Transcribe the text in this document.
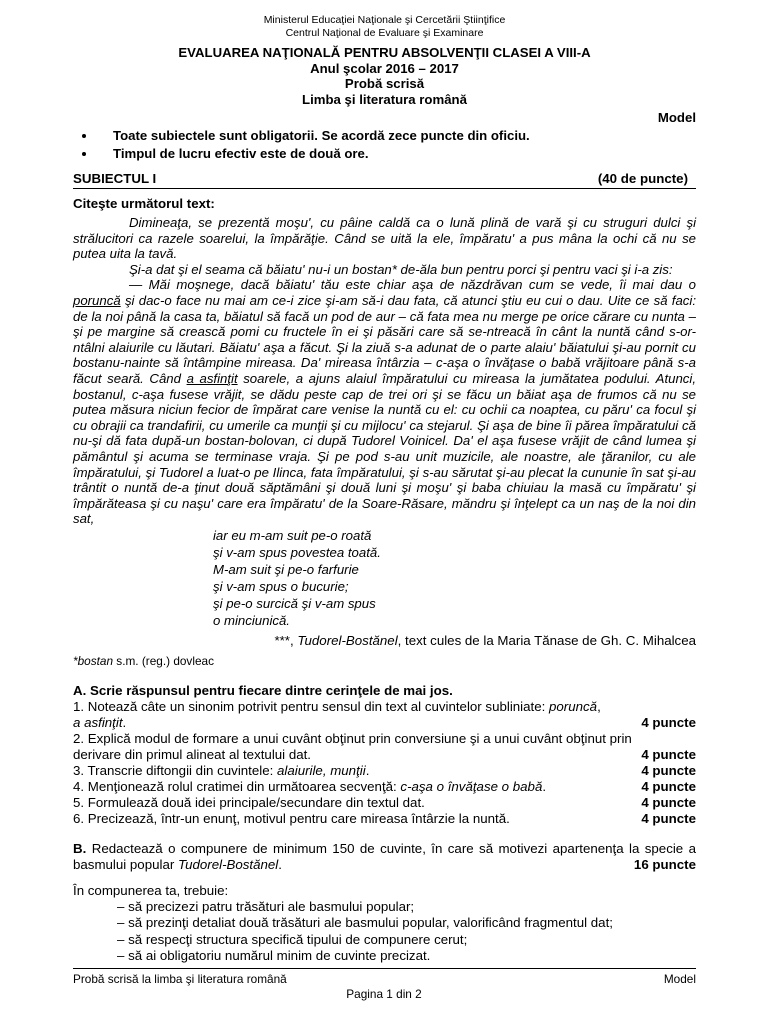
Ministerul Educaţiei Naţionale şi Cercetării Ştiinţifice
Centrul Naţional de Evaluare şi Examinare
EVALUAREA NAŢIONALĂ PENTRU ABSOLVENŢII CLASEI A VIII-A
Anul şcolar 2016 – 2017
Probă scrisă
Limba şi literatura română
Model
• Toate subiectele sunt obligatorii. Se acordă zece puncte din oficiu.
• Timpul de lucru efectiv este de două ore.
SUBIECTUL I	(40 de puncte)
Citeşte următorul text:

Dimineaţa, se prezentă moşu', cu pâine caldă ca o lună plină de vară şi cu struguri dulci şi strălucitori ca razele soarelui, la împărăţie. Când se uită la ele, împăratu' a pus mâna la ochi că nu se putea uita la tavă.

Şi-a dat şi el seama că băiatu' nu-i un bostan* de-ăla bun pentru porci şi pentru vaci şi i-a zis:

— Măi moşnege, dacă băiatu' tău este chiar aşa de năzdrăvan cum se vede, îi mai dau o poruncă şi dac-o face nu mai am ce-i zice şi-am să-i dau fata, că atunci ştiu eu cui o dau. Uite ce să faci: de la noi până la casa ta, băiatul să facă un pod de aur – că fata mea nu merge pe orice cărare cu nunta – şi pe margine să crească pomi cu fructele în ei şi păsări care să se-ntreacă în cânt la nuntă când s-or-ntâlni alaiurile cu lăutari. Băiatu' aşa a făcut. Şi la ziuă s-a adunat de o parte alaiu' băiatului şi-au pornit cu bostanu-nainte să întâmpine mireasa. Da' mireasa întârzia – c-aşa o învăţase o babă vrăjitoare până s-a făcut seară. Când a asfinţit soarele, a ajuns alaiul împăratului cu mireasa la jumătatea podului. Atunci, bostanul, c-aşa fusese vrăjit, se dădu peste cap de trei ori şi se făcu un băiat aşa de frumos că nu se putea măsura niciun fecior de împărat care venise la nuntă cu el: cu ochii ca noaptea, cu păru' ca focul şi cu obrajii ca trandafirii, cu umerile ca munţii şi cu mijlocu' ca stejarul. Şi aşa de bine îi părea împăratului că nu-şi dă fata după-un bostan-bolovan, ci după Tudorel Voinicel. Da' el aşa fusese vrăjit de când lumea şi pământul şi acuma se terminase vraja. Şi pe pod s-au unit muzicile, ale noastre, ale ţăranilor, cu ale împăratului, şi Tudorel a luat-o pe Ilinca, fata împăratului, şi s-au sărutat şi-au plecat la cununie în sat şi-au trântit o nuntă de-a ţinut două săptămâni şi două luni şi moşu' şi baba chiuiau la masă cu împăratu' şi împărăteasa şi cu naşu' care era împăratu' de la Soare-Răsare, măndru şi înţelept ca un naş de la noi din sat,

iar eu m-am suit pe-o roată
şi v-am spus povestea toată.
M-am suit şi pe-o farfurie
şi v-am spus o bucurie;
şi pe-o surcică şi v-am spus
o minciunică.
***, Tudorel-Bostănel, text cules de la Maria Tănase de Gh. C. Mihalcea
*bostan s.m. (reg.) dovleac
A. Scrie răspunsul pentru fiecare dintre cerinţele de mai jos.
1. Notează câte un sinonim potrivit pentru sensul din text al cuvintelor subliniate: poruncă,
a asfinţit.	4 puncte
2. Explică modul de formare a unui cuvânt obţinut prin conversiune şi a unui cuvânt obţinut prin
derivare din primul alineat al textului dat.	4 puncte
3. Transcrie diftongii din cuvintele: alaiurile, munţii.	4 puncte
4. Menţionează rolul cratimei din următoarea secvenţă: c-aşa o învăţase o babă.	4 puncte
5. Formulează două idei principale/secundare din textul dat.	4 puncte
6. Precizează, într-un enunţ, motivul pentru care mireasa întârzie la nuntă.	4 puncte
B. Redactează o compunere de minimum 150 de cuvinte, în care să motivezi apartenenţa la specie a basmului popular Tudorel-Bostănel.	16 puncte
În compunerea ta, trebuie:
– să precizezi patru trăsături ale basmului popular;
– să prezinţi detaliat două trăsături ale basmului popular, valorificând fragmentul dat;
– să respecţi structura specifică tipului de compunere cerut;
– să ai obligatoriu numărul minim de cuvinte precizat.
Probă scrisă la limba şi literatura română	Model
Pagina 1 din 2
